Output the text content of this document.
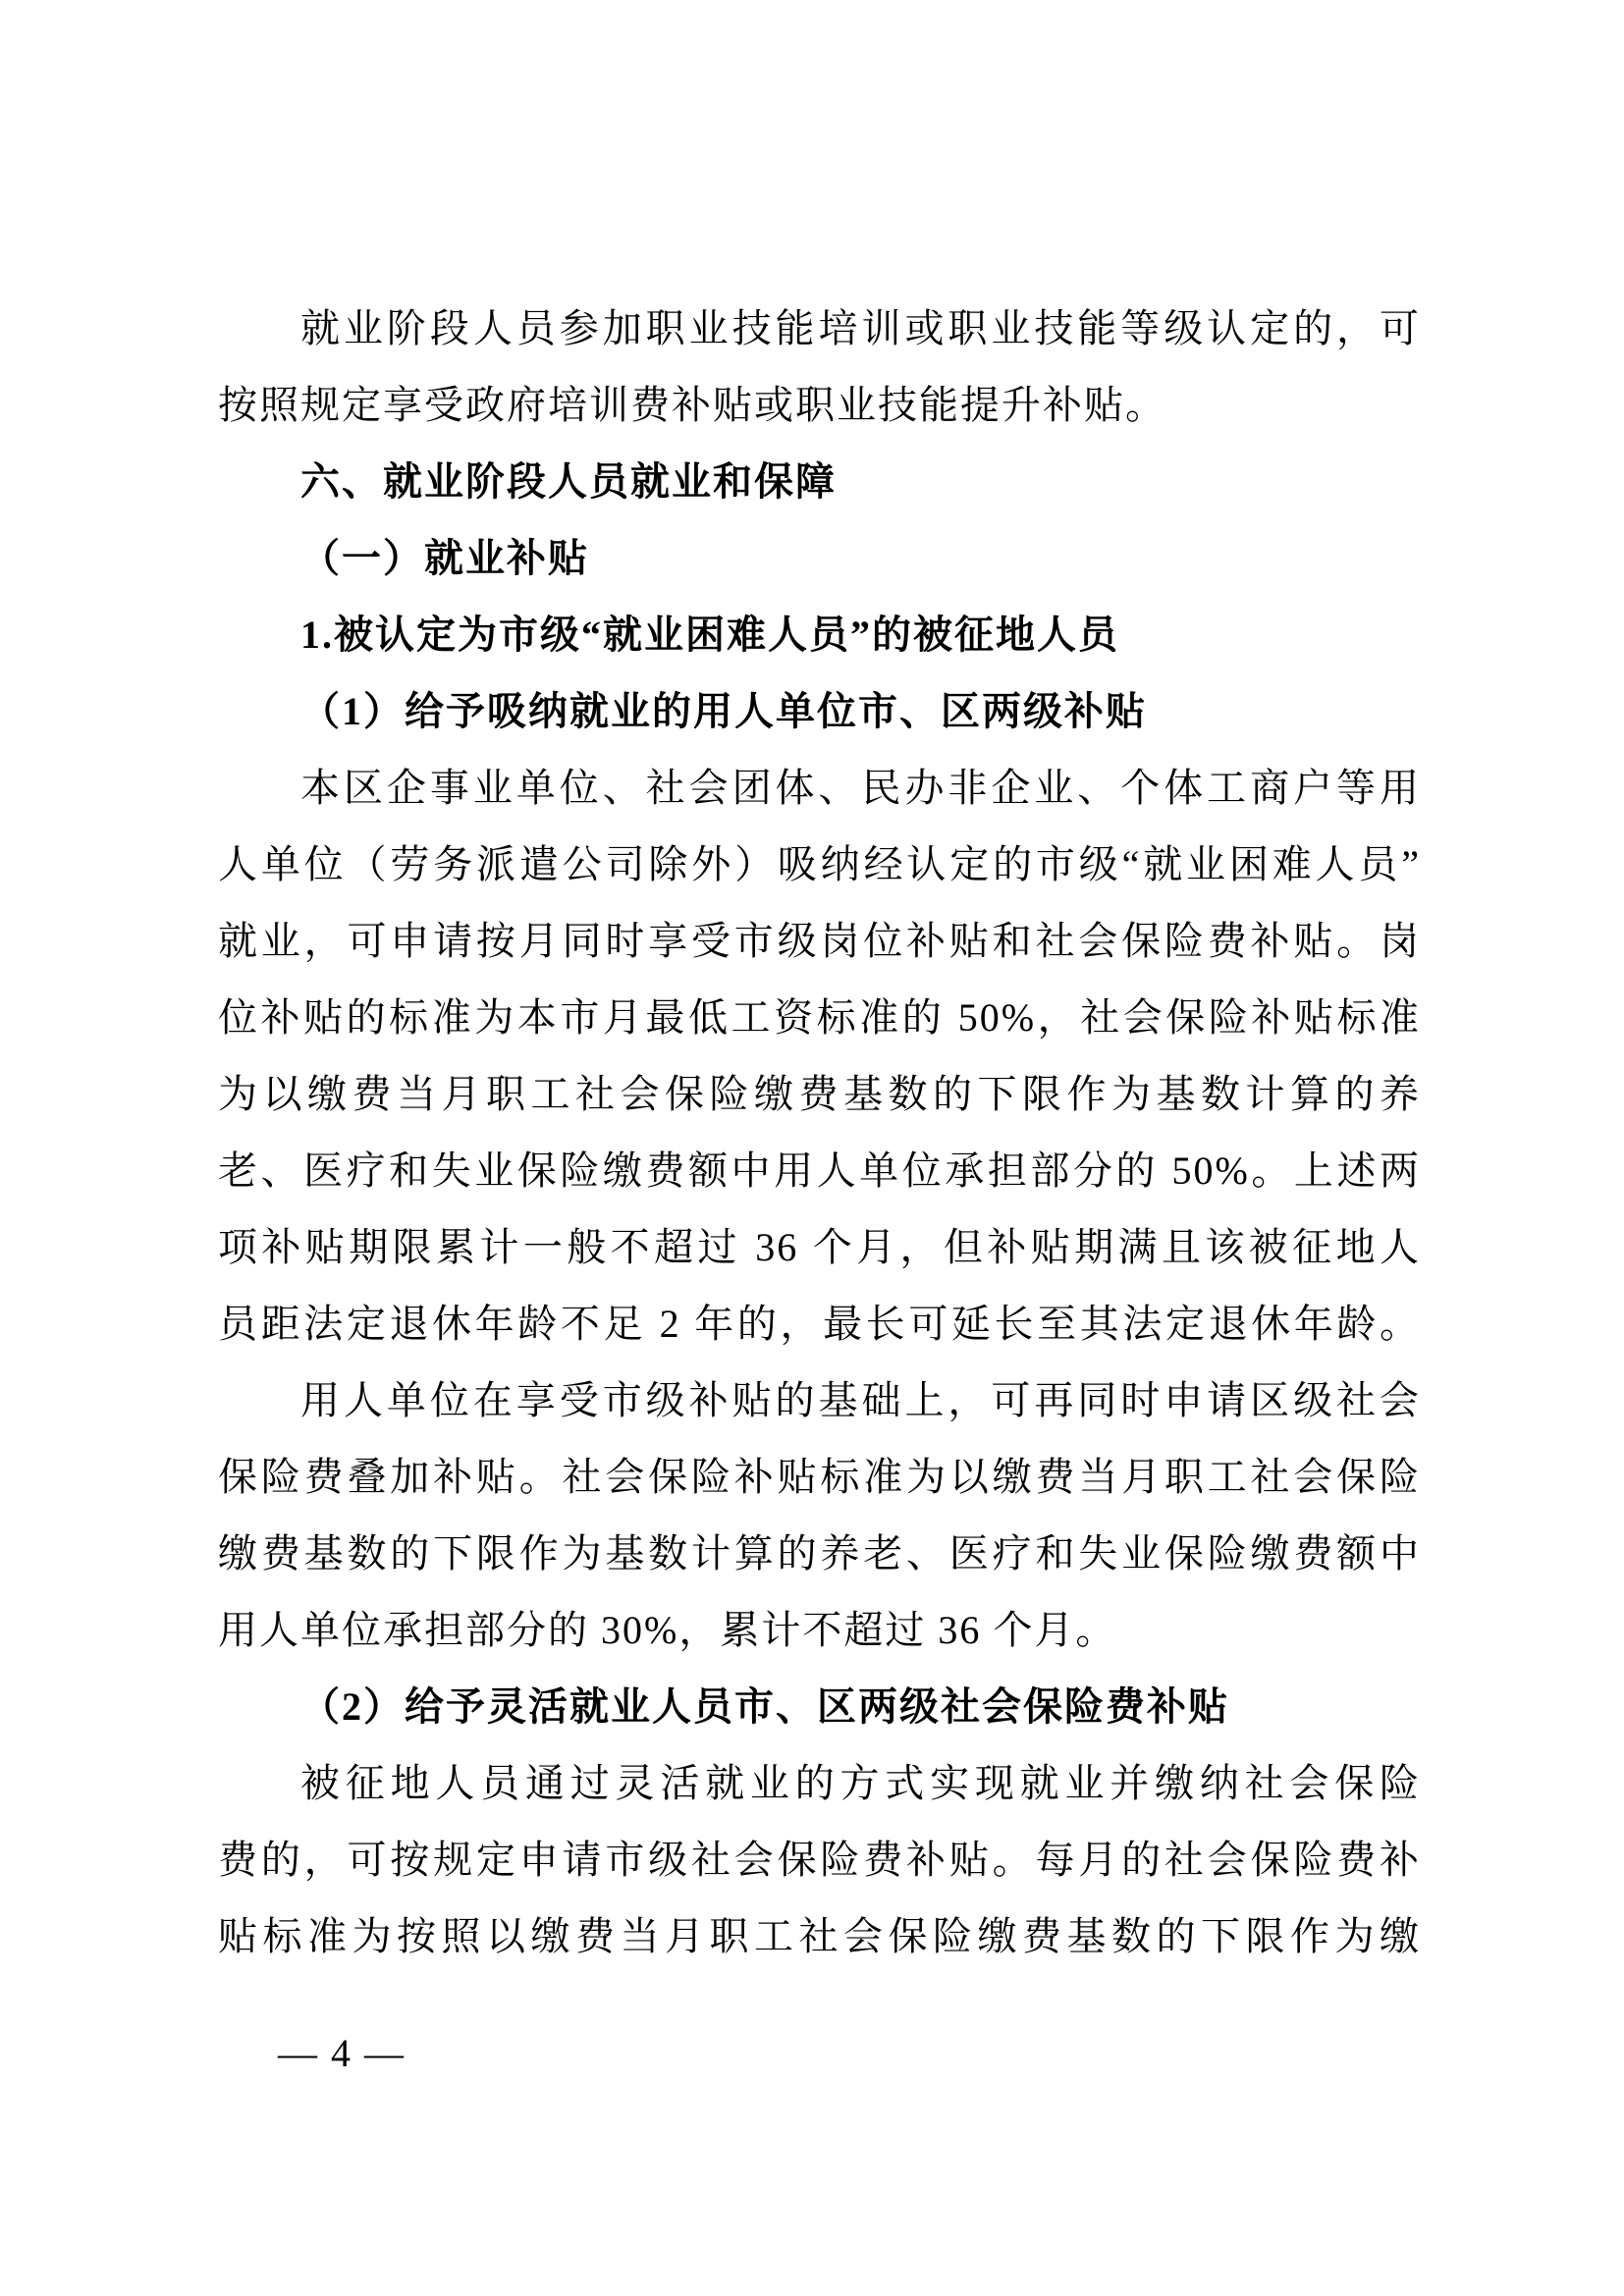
就业阶段人员参加职业技能培训或职业技能等级认定的，可
按照规定享受政府培训费补贴或职业技能提升补贴。
六、就业阶段人员就业和保障
（一）就业补贴
1.被认定为市级“就业困难人员”的被征地人员
（1）给予吸纳就业的用人单位市、区两级补贴
本区企事业单位、社会团体、民办非企业、个体工商户等用
人单位（劳务派遣公司除外）吸纳经认定的市级“就业困难人员”
就业，可申请按月同时享受市级岗位补贴和社会保险费补贴。岗
位补贴的标准为本市月最低工资标准的 50%，社会保险补贴标准
为以缴费当月职工社会保险缴费基数的下限作为基数计算的养
老、医疗和失业保险缴费额中用人单位承担部分的 50%。上述两
项补贴期限累计一般不超过 36 个月，但补贴期满且该被征地人
员距法定退休年龄不足 2 年的，最长可延长至其法定退休年龄。
用人单位在享受市级补贴的基础上，可再同时申请区级社会
保险费叠加补贴。社会保险补贴标准为以缴费当月职工社会保险
缴费基数的下限作为基数计算的养老、医疗和失业保险缴费额中
用人单位承担部分的 30%，累计不超过 36 个月。
（2）给予灵活就业人员市、区两级社会保险费补贴
被征地人员通过灵活就业的方式实现就业并缴纳社会保险
费的，可按规定申请市级社会保险费补贴。每月的社会保险费补
贴标准为按照以缴费当月职工社会保险缴费基数的下限作为缴
— 4 —
